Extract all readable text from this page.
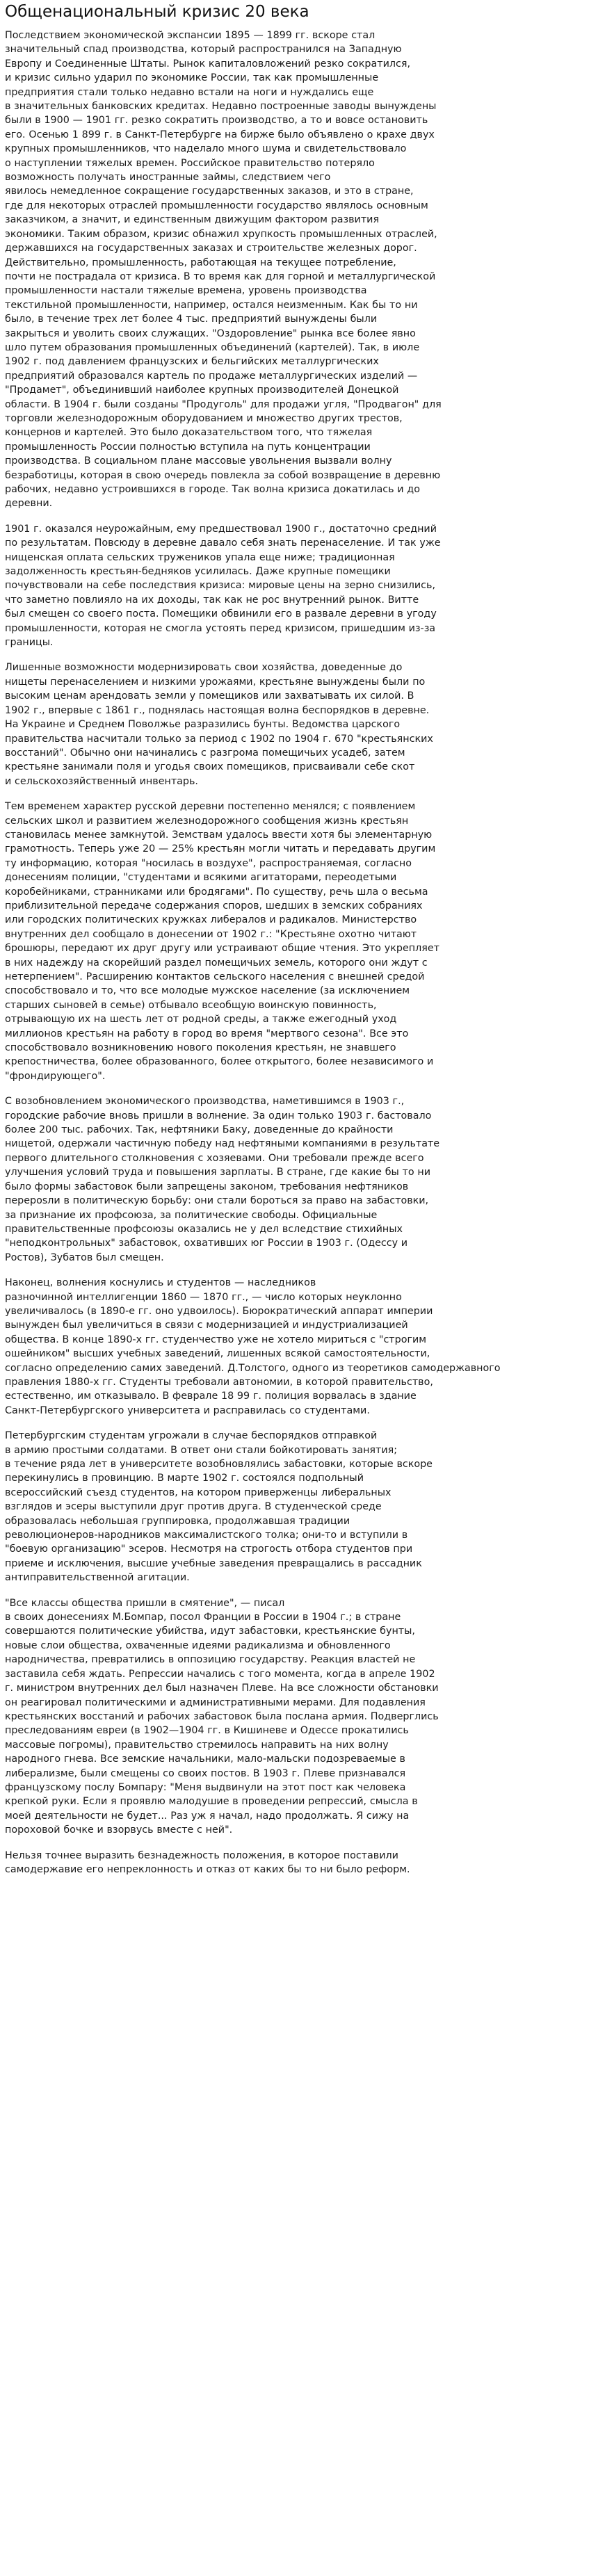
Общенациональный кризис 20 века

Последствием экономической экспансии 1895 — 1899 гг. вскоре стал
значительный спад производства, который распространился на Западную
Европу и Соединенные Штаты. Рынок капиталовложений резко сократился,
и кризис сильно ударил по экономике России, так как промышленные
предприятия стали только недавно встали на ноги и нуждались еще
в значительных банковских кредитах. Недавно построенные заводы вынуждены
были в 1900 — 1901 гг. резко сократить производство, а то и вовсе остановить
его. Осенью 1 899 г. в Санкт-Петербурге на бирже было объявлено о крахе двух
крупных промышленников, что наделало много шума и свидетельствовало
о наступлении тяжелых времен. Российское правительство потеряло
возможность получать иностранные займы, следствием чего
явилось немедленное сокращение государственных заказов, и это в стране,
где для некоторых отраслей промышленности государство являлось основным
заказчиком, а значит, и единственным движущим фактором развития
экономики. Таким образом, кризис обнажил хрупкость промышленных отраслей,
державшихся на государственных заказах и строительстве железных дорог.
Действительно, промышленность, работающая на текущее потребление,
почти не пострадала от кризиса. В то время как для горной и металлургической
промышленности настали тяжелые времена, уровень производства
текстильной промышленности, например, остался неизменным. Как бы то ни
было, в течение трех лет более 4 тыс. предприятий вынуждены были
закрыться и уволить своих служащих. "Оздоровление" рынка все более явно
шло путем образования промышленных объединений (картелей). Так, в июле
1902 г. под давлением французских и бельгийских металлургических
предприятий образовался картель по продаже металлургических изделий —
"Продамет", объединивший наиболее крупных производителей Донецкой
области. В 1904 г. были созданы "Продуголь" для продажи угля, "Продвагон" для
торговли железнодорожным оборудованием и множество других трестов,
концернов и картелей. Это было доказательством того, что тяжелая
промышленность России полностью вступила на путь концентрации
производства. В социальном плане массовые увольнения вызвали волну
безработицы, которая в свою очередь повлекла за собой возвращение в деревню
рабочих, недавно устроившихся в городе. Так волна кризиса докатилась и до
деревни.

1901 г. оказался неурожайным, ему предшествовал 1900 г., достаточно средний
по результатам. Повсюду в деревне давало себя знать перенаселение. И так уже
нищенская оплата сельских тружеников упала еще ниже; традиционная
задолженность крестьян-бедняков усилилась. Даже крупные помещики
почувствовали на себе последствия кризиса: мировые цены на зерно снизились,
что заметно повлияло на их доходы, так как не рос внутренний рынок. Витте
был смещен со своего поста. Помещики обвинили его в развале деревни в угоду
промышленности, которая не смогла устоять перед кризисом, пришедшим из-за
границы.

Лишенные возможности модернизировать свои хозяйства, доведенные до
нищеты перенаселением и низкими урожаями, крестьяне вынуждены были по
высоким ценам арендовать земли у помещиков или захватывать их силой. В
1902 г., впервые с 1861 г., поднялась настоящая волна беспорядков в деревне.
На Украине и Среднем Поволжье разразились бунты. Ведомства царского
правительства насчитали только за период с 1902 по 1904 г. 670 "крестьянских
восстаний". Обычно они начинались с разгрома помещичьих усадеб, затем
крестьяне занимали поля и угодья своих помещиков, присваивали себе скот
и сельскохозяйственный инвентарь.

Тем временем характер русской деревни постепенно менялся; с появлением
сельских школ и развитием железнодорожного сообщения жизнь крестьян
становилась менее замкнутой. Земствам удалось ввести хотя бы элементарную
грамотность. Теперь уже 20 — 25% крестьян могли читать и передавать другим
ту информацию, которая "носилась в воздухе", распространяемая, согласно
донесениям полиции, "студентами и всякими агитаторами, переодетыми
коробейниками, странниками или бродягами". По существу, речь шла о весьма
приблизительной передаче содержания споров, шедших в земских собраниях
или городских политических кружках либералов и радикалов. Министерство
внутренних дел сообщало в донесении от 1902 г.: "Крестьяне охотно читают
брошюры, передают их друг другу или устраивают общие чтения. Это укрепляет
в них надежду на скорейший раздел помещичьих земель, которого они ждут с
нетерпением". Расширению контактов сельского населения с внешней средой
способствовало и то, что все молодые мужское население (за исключением
старших сыновей в семье) отбывало всеобщую воинскую повинность,
отрывающую их на шесть лет от родной среды, а также ежегодный уход
миллионов крестьян на работу в город во время "мертвого сезона". Все это
способствовало возникновению нового поколения крестьян, не знавшего
крепостничества, более образованного, более открытого, более независимого и
"фрондирующего".

С возобновлением экономического производства, наметившимся в 1903 г.,
городские рабочие вновь пришли в волнение. За один только 1903 г. бастовало
более 200 тыс. рабочих. Так, нефтяники Баку, доведенные до крайности
нищетой, одержали частичную победу над нефтяными компаниями в результате
первого длительного столкновения с хозяевами. Они требовали прежде всего
улучшения условий труда и повышения зарплаты. В стране, где какие бы то ни
было формы забастовок были запрещены законом, требования нефтяников
перерosли в политическую борьбу: они стали бороться за право на забастовки,
за признание их профсоюза, за политические свободы. Официальные
правительственные профсоюзы оказались не у дел вследствие стихийных
"неподконтрольных" забастовок, охвативших юг России в 1903 г. (Одессу и
Ростов), Зубатов был смещен.

Наконец, волнения коснулись и студентов — наследников
разночинной интеллигенции 1860 — 1870 гг., — число которых неуклонно
увеличивалось (в 1890-е гг. оно удвоилось). Бюрократический аппарат империи
вынужден был увеличиться в связи с модернизацией и индустриализацией
общества. В конце 1890-х гг. студенчество уже не хотело мириться с "строгим
ошейником" высших учебных заведений, лишенных всякой самостоятельности,
согласно определению самих заведений. Д.Толстого, одного из теоретиков самодержавного
правления 1880-х гг. Студенты требовали автономии, в которой правительство,
естественно, им отказывало. В феврале 18 99 г. полиция ворвалась в здание
Санкт-Петербургского университета и расправилась со студентами.

Петербургским студентам угрожали в случае беспорядков отправкой
в армию простыми солдатами. В ответ они стали бойкотировать занятия;
в течение ряда лет в университете возобновлялись забастовки, которые вскоре
перекинулись в провинцию. В марте 1902 г. состоялся подпольный
всероссийский съезд студентов, на котором приверженцы либеральных
взглядов и эсеры выступили друг против друга. В студенческой среде
образовалась небольшая группировка, продолжавшая традиции
революционеров-народников максималистского толка; они-то и вступили в
"боевую организацию" эсеров. Несмотря на строгость отбора студентов при
приеме и исключения, высшие учебные заведения превращались в рассадник
антиправительственной агитации.

"Все классы общества пришли в смятение", — писал
в своих донесениях М.Бомпар, посол Франции в России в 1904 г.; в стране
совершаются политические убийства, идут забастовки, крестьянские бунты,
новые слои общества, охваченные идеями радикализма и обновленного
народничества, превратились в оппозицию государству. Реакция властей не
заставила себя ждать. Репрессии начались с того момента, когда в апреле 1902
г. министром внутренних дел был назначен Плеве. На все сложности обстановки
он реагировал политическими и административными мерами. Для подавления
крестьянских восстаний и рабочих забастовок была послана армия. Подверглись
преследованиям евреи (в 1902—1904 гг. в Кишиневе и Одессе прокатились
массовые погромы), правительство стремилось направить на них волну
народного гнева. Все земские начальники, мало-мальски подозреваемые в
либерализме, были смещены со своих постов. В 1903 г. Плеве признавался
французскому послу Бомпару: "Меня выдвинули на этот пост как человека
крепкой руки. Если я проявлю малодушие в проведении репрессий, смысла в
моей деятельности не будет... Раз уж я начал, надо продолжать. Я сижу на
пороховой бочке и взорвусь вместе с ней".

Нельзя точнее выразить безнадежность положения, в которое поставили
самодержавие его непреклонность и отказ от каких бы то ни было реформ.
